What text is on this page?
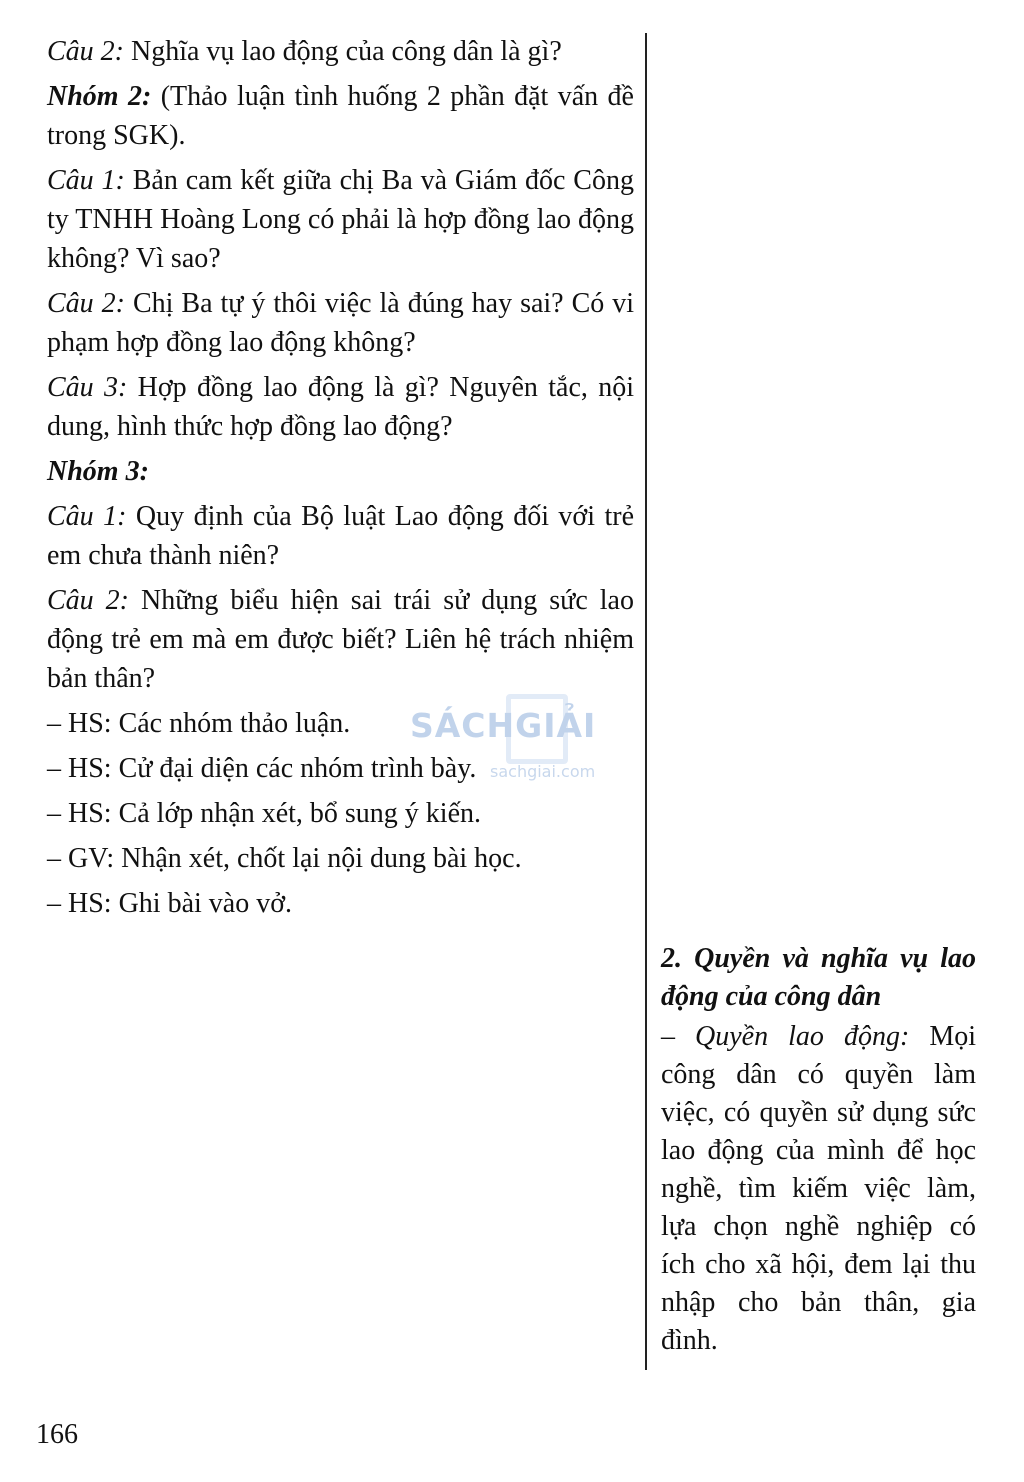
Câu 2: Nghĩa vụ lao động của công dân là gì?

Nhóm 2: (Thảo luận tình huống 2 phần đặt vấn đề trong SGK).

Câu 1: Bản cam kết giữa chị Ba và Giám đốc Công ty TNHH Hoàng Long có phải là hợp đồng lao động không? Vì sao?

Câu 2: Chị Ba tự ý thôi việc là đúng hay sai? Có vi phạm hợp đồng lao động không?

Câu 3: Hợp đồng lao động là gì? Nguyên tắc, nội dung, hình thức hợp đồng lao động?

Nhóm 3:

Câu 1: Quy định của Bộ luật Lao động đối với trẻ em chưa thành niên?

Câu 2: Những biểu hiện sai trái sử dụng sức lao động trẻ em mà em được biết? Liên hệ trách nhiệm bản thân?

– HS: Các nhóm thảo luận.
– HS: Cử đại diện các nhóm trình bày.
– HS: Cả lớp nhận xét, bổ sung ý kiến.
– GV: Nhận xét, chốt lại nội dung bài học.
– HS: Ghi bài vào vở.

2. Quyền và nghĩa vụ lao động của công dân

– Quyền lao động: Mọi công dân có quyền làm việc, có quyền sử dụng sức lao động của mình để học nghề, tìm kiếm việc làm, lựa chọn nghề nghiệp có ích cho xã hội, đem lại thu nhập cho bản thân, gia đình.

SÁCHGIẢI
sachgiai.com
166
